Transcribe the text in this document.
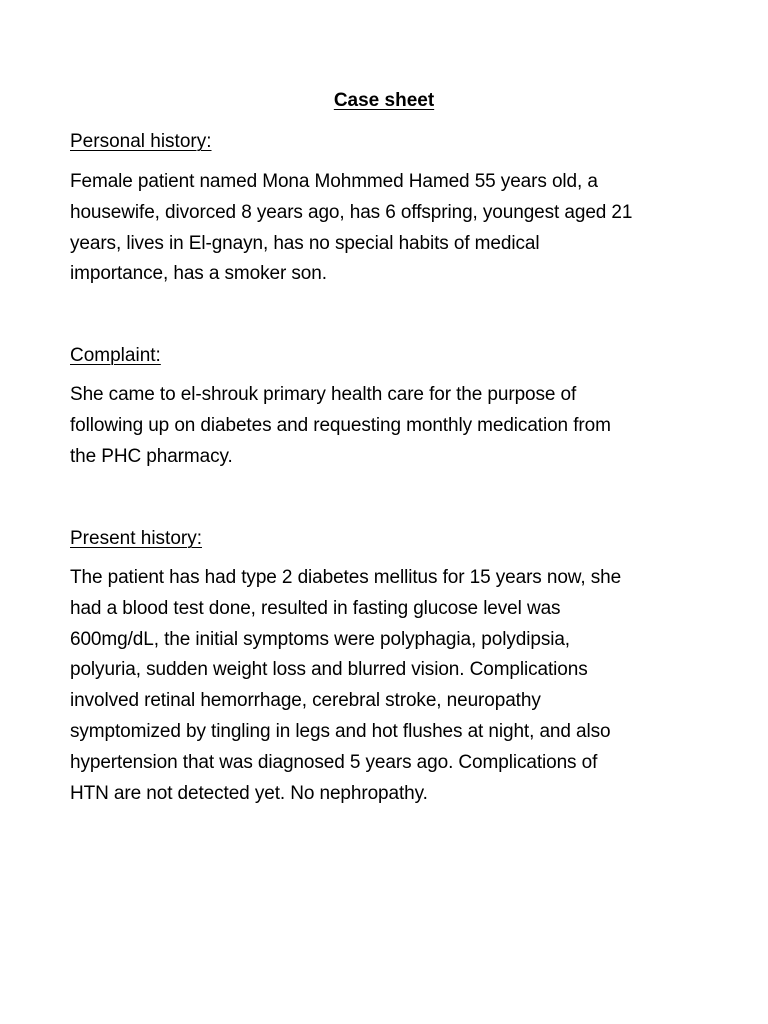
Case sheet
Personal history:
Female patient named Mona Mohmmed Hamed 55 years old, a
housewife, divorced 8 years ago, has 6 offspring, youngest aged 21
years, lives in El-gnayn, has no special habits of medical
importance, has a smoker son.
Complaint:
She came to el-shrouk primary health care for the purpose of
following up on diabetes and requesting monthly medication from
the PHC pharmacy.
Present history:
The patient has had type 2 diabetes mellitus for 15 years now, she
had a blood test done, resulted in fasting glucose level was
600mg/dL, the initial symptoms were polyphagia, polydipsia,
polyuria, sudden weight loss and blurred vision. Complications
involved retinal hemorrhage, cerebral stroke, neuropathy
symptomized by tingling in legs and hot flushes at night, and also
hypertension that was diagnosed 5 years ago. Complications of
HTN are not detected yet. No nephropathy.
